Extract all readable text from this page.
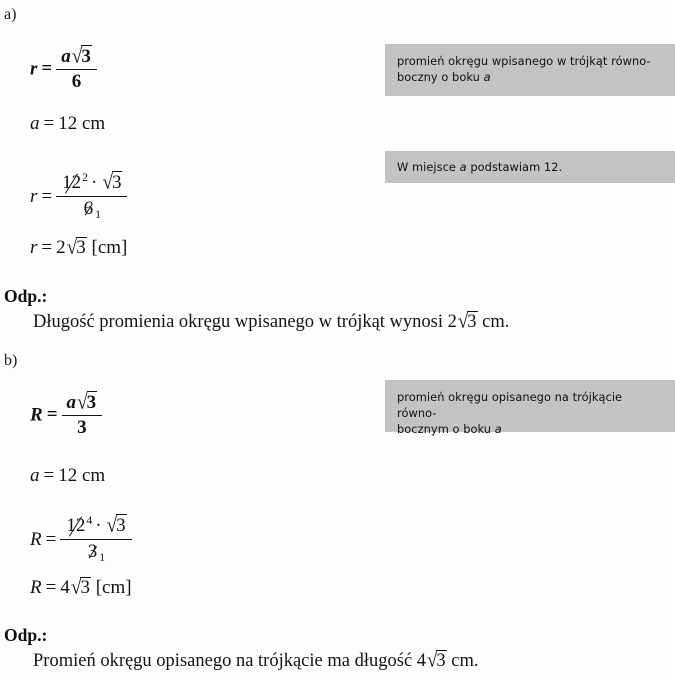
a)
$r = \frac{a√3}{6}$	promień okręgu wpisanego w trójkąt równo-
boczny o boku a
a = 12 cm
$r = \frac{12^2 \cdot √3}{6 _1}$
W miejsce a podstawiam 12.
r = 2√3 [cm]
Odp.:
Długość promienia okręgu wpisanego w trójkąt wynosi 2√3 cm.
b)
$R = \frac{a√3}{3}$	promień okręgu opisanego na trójkącie równo-
bocznym o boku a
a = 12 cm
$R = \frac{12^4 \cdot √3}{3 _1}$
R = 4√3 [cm]
Odp.:
Promień okręgu opisanego na trójkącie ma długość 4√3 cm.
